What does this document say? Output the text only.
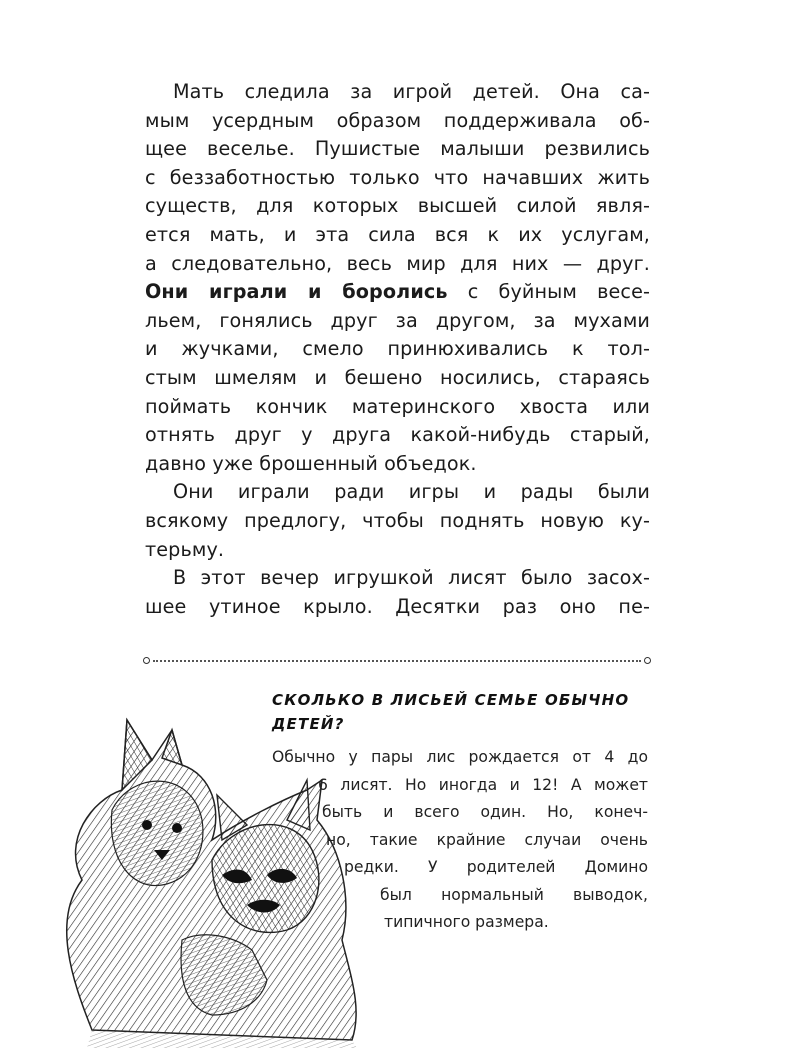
Мать следила за игрой детей. Она са-
мым усердным образом поддерживала об-
щее веселье. Пушистые малыши резвились
с беззаботностью только что начавших жить
существ, для которых высшей силой явля-
ется мать, и эта сила вся к их услугам,
а следовательно, весь мир для них — друг.
Они играли и боролись с буйным весе-
льем, гонялись друг за другом, за мухами
и жучками, смело принюхивались к тол-
стым шмелям и бешено носились, стараясь
поймать кончик материнского хвоста или
отнять друг у друга какой-нибудь старый,
давно уже брошенный объедок.
Они играли ради игры и рады были
всякому предлогу, чтобы поднять новую ку-
терьму.
В этот вечер игрушкой лисят было засох-
шее утиное крыло. Десятки раз оно пе-
СКОЛЬКО В ЛИСЬЕЙ СЕМЬЕ ОБЫЧНО
ДЕТЕЙ?
Обычно у пары лис рождается от 4 до
6 лисят. Но иногда и 12! А может
быть и всего один. Но, конеч-
но, такие крайние случаи очень
редки. У родителей Домино
был нормальный выводок,
типичного размера.
